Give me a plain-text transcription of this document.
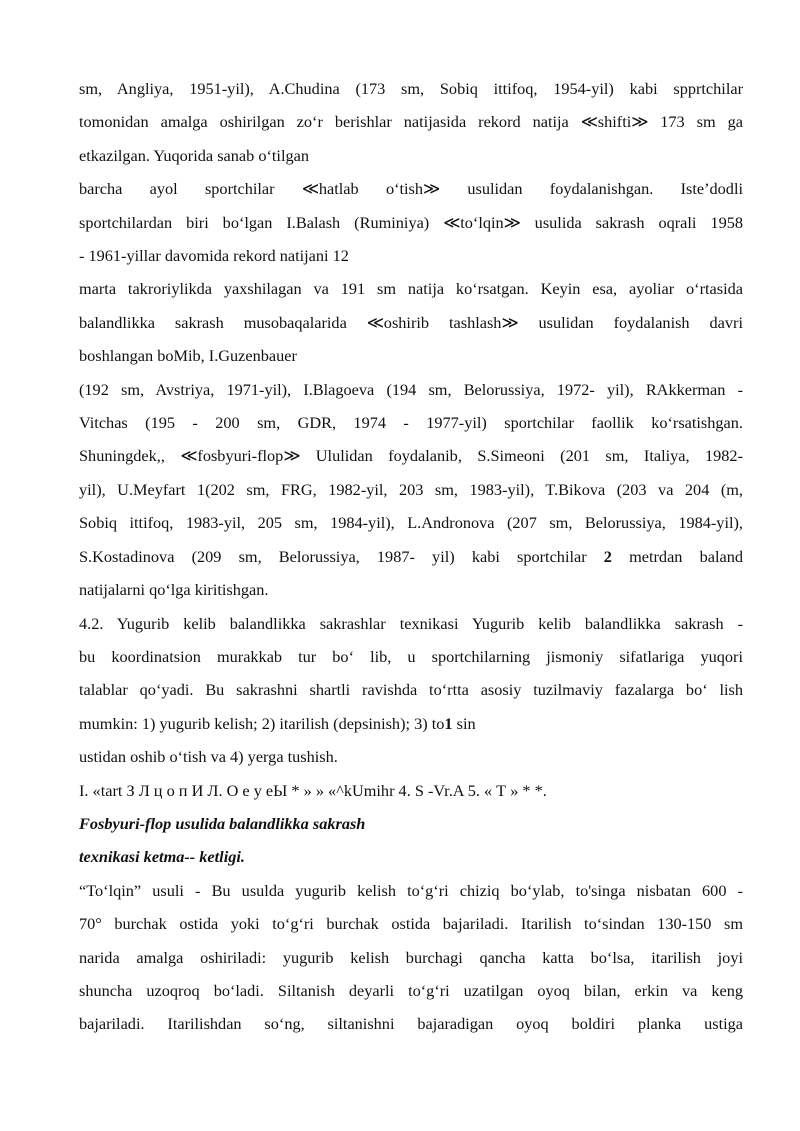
sm, Angliya, 1951-yil), A.Chudina (173 sm, Sobiq ittifoq, 1954-yil) kabi spprtchilar
tomonidan amalga oshirilgan zo‘r berishlar natijasida rekord natija ≪shifti≫ 173 sm ga
etkazilgan. Yuqorida sanab o‘tilgan
barcha ayol sportchilar ≪hatlab o‘tish≫ usulidan foydalanishgan. Iste’dodli
sportchilardan biri bo‘lgan I.Balash (Ruminiya) ≪to‘lqin≫ usulida sakrash oqrali 1958
- 1961-yillar davomida rekord natijani 12
marta takroriylikda yaxshilagan va 191 sm natija ko‘rsatgan. Keyin esa, ayoliar o‘rtasida
balandlikka sakrash musobaqalarida ≪oshirib tashlash≫ usulidan foydalanish davri
boshlangan boMib, I.Guzenbauer
(192 sm, Avstriya, 1971-yil), I.Blagoeva (194 sm, Belorussiya, 1972- yil), RAkkerman -
Vitchas (195 - 200 sm, GDR, 1974 - 1977-yil) sportchilar faollik ko‘rsatishgan.
Shuningdek,, ≪fosbyuri-flop≫ Ululidan foydalanib, S.Simeoni (201 sm, Italiya, 1982-
yil), U.Meyfart 1(202 sm, FRG, 1982-yil, 203 sm, 1983-yil), T.Bikova (203 va 204 (m,
Sobiq ittifoq, 1983-yil, 205 sm, 1984-yil), L.Andronova (207 sm, Belorussiya, 1984-yil),
S.Kostadinova (209 sm, Belorussiya, 1987- yil) kabi sportchilar 2 metrdan baland
natijalarni qo‘lga kiritishgan.
4.2. Yugurib kelib balandlikka sakrashlar texnikasi Yugurib kelib balandlikka sakrash -
bu koordinatsion murakkab tur bo‘ lib, u sportchilarning jismoniy sifatlariga yuqori
talablar qo‘yadi. Bu sakrashni shartli ravishda to‘rtta asosiy tuzilmaviy fazalarga bo‘ lish
mumkin: 1) yugurib kelish; 2) itarilish (depsinish); 3) to1 sin
ustidan oshib o‘tish va 4) yerga tushish.
I. «tart З Л ц о п И Л. О е у еЫ * » » «^kUmihr 4. S -Vr.A 5. « Т » * *.
Fosbyuri-flop usulida balandlikka sakrash
texnikasi ketma-- ketligi.
“To‘lqin” usuli - Bu usulda yugurib kelish to‘g‘ri chiziq bo‘ylab, to'singa nisbatan 600 -
70° burchak ostida yoki to‘g‘ri burchak ostida bajariladi. Itarilish to‘sindan 130-150 sm
narida amalga oshiriladi: yugurib kelish burchagi qancha katta bo‘lsa, itarilish joyi
shuncha uzoqroq bo‘ladi. Siltanish deyarli to‘g‘ri uzatilgan oyoq bilan, erkin va keng
bajariladi. Itarilishdan so‘ng, siltanishni bajaradigan oyoq boldiri planka ustiga
